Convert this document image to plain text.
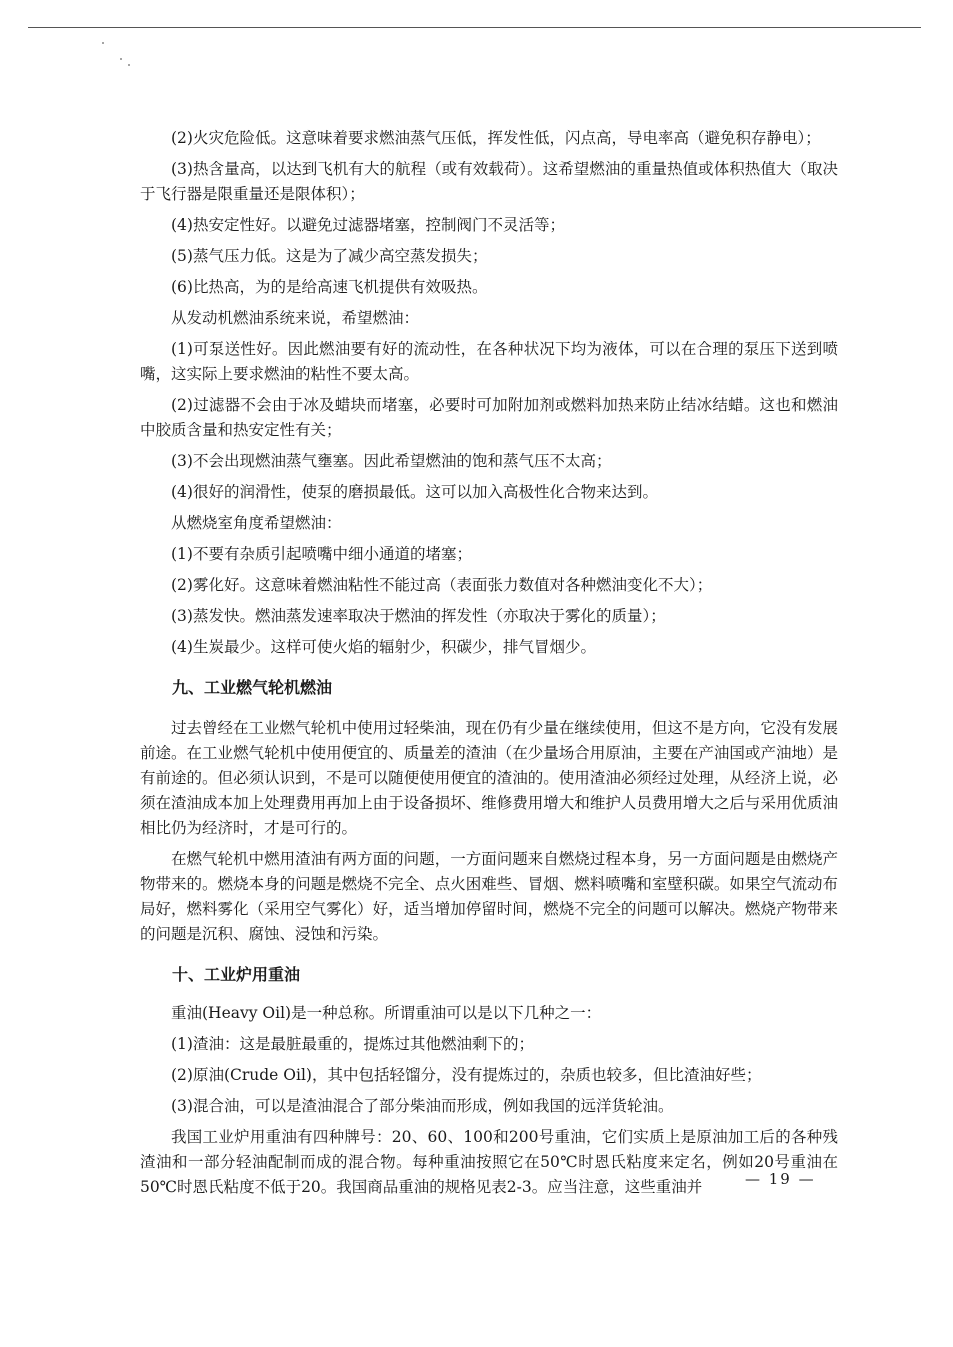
(2)火灾危险低。这意味着要求燃油蒸气压低，挥发性低，闪点高，导电率高（避免积存静电）；

(3)热含量高，以达到飞机有大的航程（或有效载荷）。这希望燃油的重量热值或体积热值大（取决于飞行器是限重量还是限体积）；

(4)热安定性好。以避免过滤器堵塞，控制阀门不灵活等；

(5)蒸气压力低。这是为了减少高空蒸发损失；

(6)比热高，为的是给高速飞机提供有效吸热。

从发动机燃油系统来说，希望燃油：

(1)可泵送性好。因此燃油要有好的流动性，在各种状况下均为液体，可以在合理的泵压下送到喷嘴，这实际上要求燃油的粘性不要太高。

(2)过滤器不会由于冰及蜡块而堵塞，必要时可加附加剂或燃料加热来防止结冰结蜡。这也和燃油中胶质含量和热安定性有关；

(3)不会出现燃油蒸气壅塞。因此希望燃油的饱和蒸气压不太高；

(4)很好的润滑性，使泵的磨损最低。这可以加入高极性化合物来达到。

从燃烧室角度希望燃油：

(1)不要有杂质引起喷嘴中细小通道的堵塞；

(2)雾化好。这意味着燃油粘性不能过高（表面张力数值对各种燃油变化不大）；

(3)蒸发快。燃油蒸发速率取决于燃油的挥发性（亦取决于雾化的质量）；

(4)生炭最少。这样可使火焰的辐射少，积碳少，排气冒烟少。

九、工业燃气轮机燃油

过去曾经在工业燃气轮机中使用过轻柴油，现在仍有少量在继续使用，但这不是方向，它没有发展前途。在工业燃气轮机中使用便宜的、质量差的渣油（在少量场合用原油，主要在产油国或产油地）是有前途的。但必须认识到，不是可以随便使用便宜的渣油的。使用渣油必须经过处理，从经济上说，必须在渣油成本加上处理费用再加上由于设备损坏、维修费用增大和维护人员费用增大之后与采用优质油相比仍为经济时，才是可行的。

在燃气轮机中燃用渣油有两方面的问题，一方面问题来自燃烧过程本身，另一方面问题是由燃烧产物带来的。燃烧本身的问题是燃烧不完全、点火困难些、冒烟、燃料喷嘴和室壁积碳。如果空气流动布局好，燃料雾化（采用空气雾化）好，适当增加停留时间，燃烧不完全的问题可以解决。燃烧产物带来的问题是沉积、腐蚀、浸蚀和污染。

十、工业炉用重油

重油(Heavy Oil)是一种总称。所谓重油可以是以下几种之一：

(1)渣油：这是最脏最重的，提炼过其他燃油剩下的；

(2)原油(Crude Oil)，其中包括轻馏分，没有提炼过的，杂质也较多，但比渣油好些；

(3)混合油，可以是渣油混合了部分柴油而形成，例如我国的远洋货轮油。

我国工业炉用重油有四种牌号：20、60、100和200号重油，它们实质上是原油加工后的各种残渣油和一部分轻油配制而成的混合物。每种重油按照它在50℃时恩氏粘度来定名，例如20号重油在50℃时恩氏粘度不低于20。我国商品重油的规格见表2-3。应当注意，这些重油并	— 19 —
